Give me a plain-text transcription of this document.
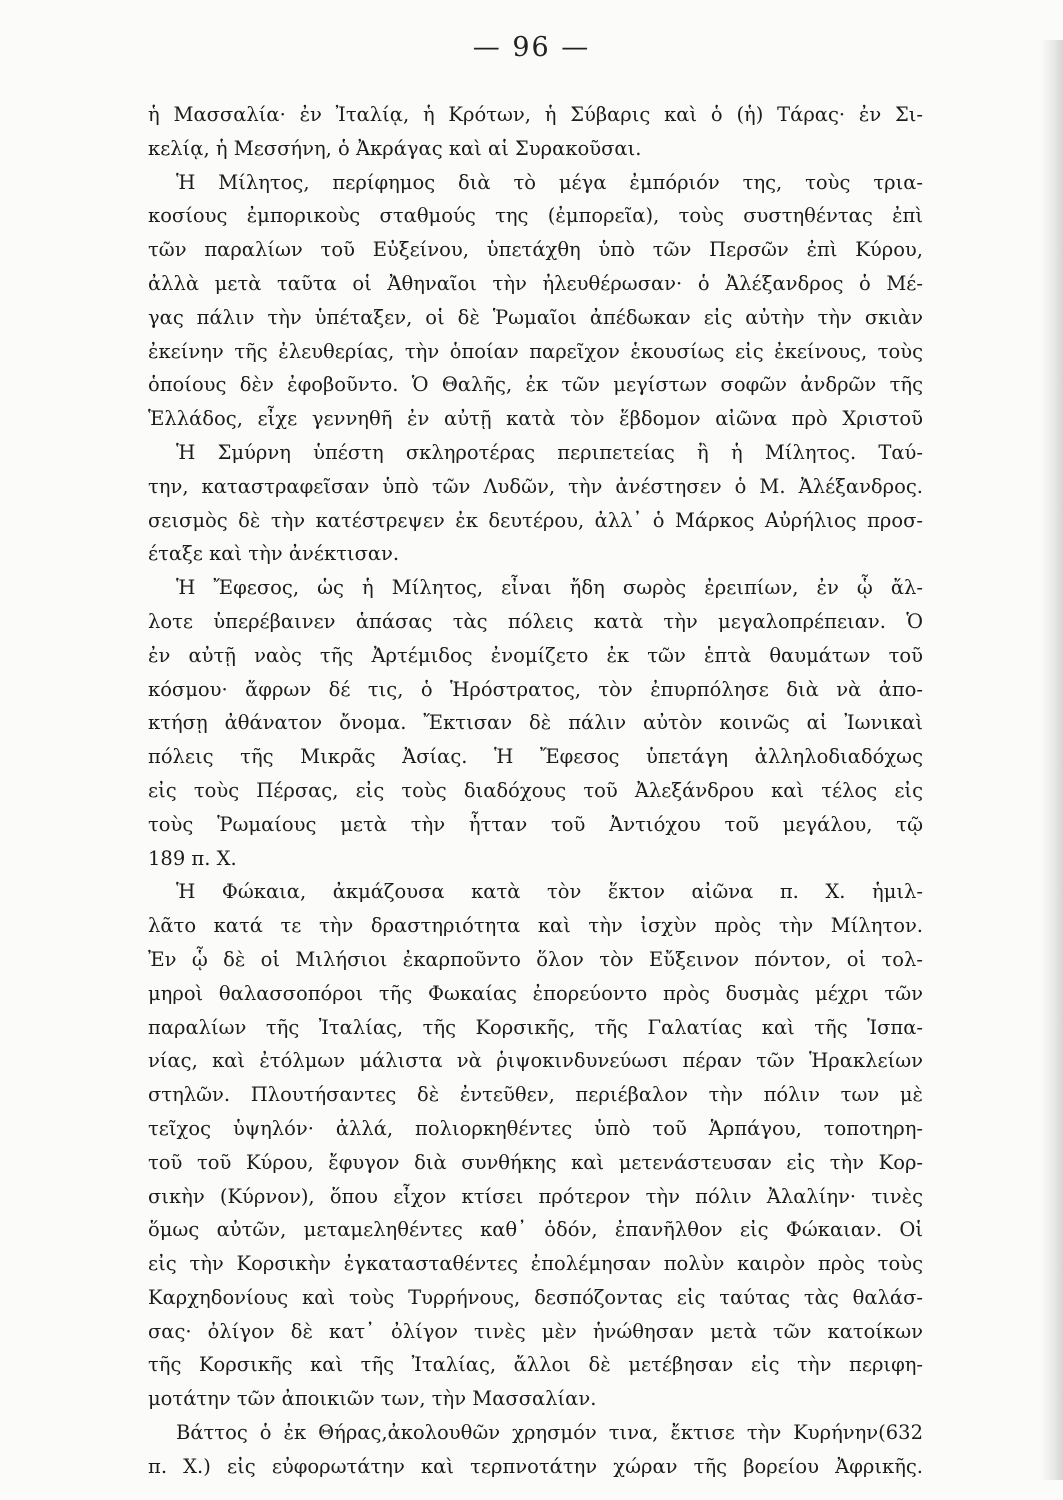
— 96 —
ἡ Μασσαλία· ἐν Ἰταλίᾳ, ἡ Κρότων, ἡ Σύβαρις καὶ ὁ (ἡ) Τάρας· ἐν Σι-
κελίᾳ, ἡ Μεσσήνη, ὁ Ἀκράγας καὶ αἱ Συρακοῦσαι.
Ἡ Μίλητος, περίφημος διὰ τὸ μέγα ἐμπόριόν της, τοὺς τρια-
κοσίους ἐμπορικοὺς σταθμούς της (ἐμπορεῖα), τοὺς συστηθέντας ἐπὶ
τῶν παραλίων τοῦ Εὐξείνου, ὑπετάχθη ὑπὸ τῶν Περσῶν ἐπὶ Κύρου,
ἀλλὰ μετὰ ταῦτα οἱ Ἀθηναῖοι τὴν ἠλευθέρωσαν· ὁ Ἀλέξανδρος ὁ Μέ-
γας πάλιν τὴν ὑπέταξεν, οἱ δὲ Ῥωμαῖοι ἀπέδωκαν εἰς αὐτὴν τὴν σκιὰν
ἐκείνην τῆς ἐλευθερίας, τὴν ὁποίαν παρεῖχον ἑκουσίως εἰς ἐκείνους, τοὺς
ὁποίους δὲν ἐφοβοῦντο. Ὁ Θαλῆς, ἐκ τῶν μεγίστων σοφῶν ἀνδρῶν τῆς
Ἑλλάδος, εἶχε γεννηθῆ ἐν αὐτῇ κατὰ τὸν ἕβδομον αἰῶνα πρὸ Χριστοῦ
Ἡ Σμύρνη ὑπέστη σκληροτέρας περιπετείας ἢ ἡ Μίλητος. Ταύ-
την, καταστραφεῖσαν ὑπὸ τῶν Λυδῶν, τὴν ἀνέστησεν ὁ Μ. Ἀλέξανδρος.
σεισμὸς δὲ τὴν κατέστρεψεν ἐκ δευτέρου, ἀλλ᾽ ὁ Μάρκος Αὐρήλιος προσ-
έταξε καὶ τὴν ἀνέκτισαν.
Ἡ Ἔφεσος, ὡς ἡ Μίλητος, εἶναι ἤδη σωρὸς ἐρειπίων, ἐν ᾧ ἄλ-
λοτε ὑπερέβαινεν ἁπάσας τὰς πόλεις κατὰ τὴν μεγαλοπρέπειαν. Ὁ
ἐν αὐτῇ ναὸς τῆς Ἀρτέμιδος ἐνομίζετο ἐκ τῶν ἑπτὰ θαυμάτων τοῦ
κόσμου· ἄφρων δέ τις, ὁ Ἡρόστρατος, τὸν ἐπυρπόλησε διὰ νὰ ἀπο-
κτήσῃ ἀθάνατον ὄνομα. Ἔκτισαν δὲ πάλιν αὐτὸν κοινῶς αἱ Ἰωνικαὶ
πόλεις τῆς Μικρᾶς Ἀσίας. Ἡ Ἔφεσος ὑπετάγη ἀλληλοδιαδόχως
εἰς τοὺς Πέρσας, εἰς τοὺς διαδόχους τοῦ Ἀλεξάνδρου καὶ τέλος εἰς
τοὺς Ῥωμαίους μετὰ τὴν ἧτταν τοῦ Ἀντιόχου τοῦ μεγάλου, τῷ
189 π. Χ.
Ἡ Φώκαια, ἀκμάζουσα κατὰ τὸν ἕκτον αἰῶνα π. Χ. ἡμιλ-
λᾶτο κατά τε τὴν δραστηριότητα καὶ τὴν ἰσχὺν πρὸς τὴν Μίλητον.
Ἐν ᾧ δὲ οἱ Μιλήσιοι ἐκαρποῦντο ὅλον τὸν Εὔξεινον πόντον, οἱ τολ-
μηροὶ θαλασσοπόροι τῆς Φωκαίας ἐπορεύοντο πρὸς δυσμὰς μέχρι τῶν
παραλίων τῆς Ἰταλίας, τῆς Κορσικῆς, τῆς Γαλατίας καὶ τῆς Ἱσπα-
νίας, καὶ ἐτόλμων μάλιστα νὰ ῥιψοκινδυνεύωσι πέραν τῶν Ἡρακλείων
στηλῶν. Πλουτήσαντες δὲ ἐντεῦθεν, περιέβαλον τὴν πόλιν των μὲ
τεῖχος ὑψηλόν· ἀλλά, πολιορκηθέντες ὑπὸ τοῦ Ἁρπάγου, τοποτηρη-
τοῦ τοῦ Κύρου, ἔφυγον διὰ συνθήκης καὶ μετενάστευσαν εἰς τὴν Κορ-
σικὴν (Κύρνον), ὅπου εἶχον κτίσει πρότερον τὴν πόλιν Ἀλαλίην· τινὲς
ὅμως αὐτῶν, μεταμεληθέντες καθ᾽ ὁδόν, ἐπανῆλθον εἰς Φώκαιαν. Οἱ
εἰς τὴν Κορσικὴν ἐγκατασταθέντες ἐπολέμησαν πολὺν καιρὸν πρὸς τοὺς
Καρχηδονίους καὶ τοὺς Τυρρήνους, δεσπόζοντας εἰς ταύτας τὰς θαλάσ-
σας· ὀλίγον δὲ κατ᾽ ὀλίγον τινὲς μὲν ἡνώθησαν μετὰ τῶν κατοίκων
τῆς Κορσικῆς καὶ τῆς Ἰταλίας, ἄλλοι δὲ μετέβησαν εἰς τὴν περιφη-
μοτάτην τῶν ἀποικιῶν των, τὴν Μασσαλίαν.
Βάττος ὁ ἐκ Θήρας,ἀκολουθῶν χρησμόν τινα, ἔκτισε τὴν Κυρήνην(632
π. Χ.) εἰς εὐφορωτάτην καὶ τερπνοτάτην χώραν τῆς βορείου Ἀφρικῆς.
